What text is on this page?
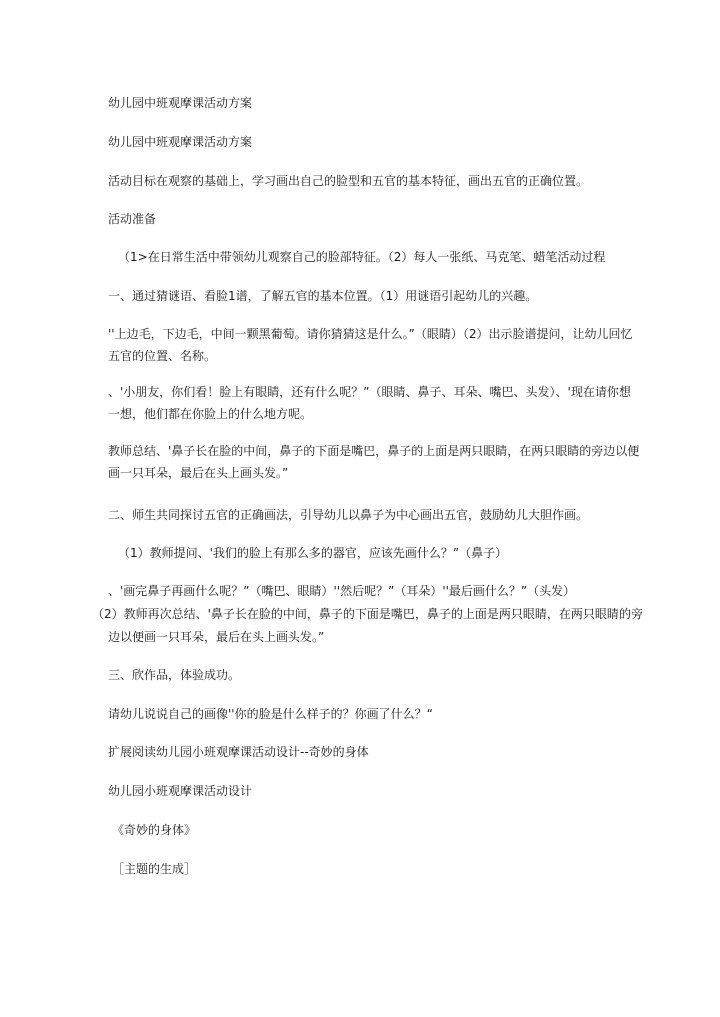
幼儿园中班观摩课活动方案
幼儿园中班观摩课活动方案
活动目标在观察的基础上，学习画出自己的脸型和五官的基本特征，画出五官的正确位置。
活动准备
（1>在日常生活中带领幼儿观察自己的脸部特征。（2）每人一张纸、马克笔、蜡笔活动过程
一、通过猜谜语、看脸1谱，了解五官的基本位置。（1）用谜语引起幼儿的兴趣。
''上边毛，下边毛，中间一颗黑葡萄。请你猜猜这是什么。”（眼睛）（2）出示脸谱提问，让幼儿回忆
五官的位置、名称。
、'小朋友，你们看！脸上有眼睛，还有什么呢？”（眼睛、鼻子、耳朵、嘴巴、头发）、'现在请你想
一想，他们都在你脸上的什么地方呢。
教师总结、'鼻子长在脸的中间，鼻子的下面是嘴巴，鼻子的上面是两只眼睛，在两只眼睛的旁边以便
画一只耳朵，最后在头上画头发。”
二、师生共同探讨五官的正确画法，引导幼儿以鼻子为中心画出五官，鼓励幼儿大胆作画。
（1）教师提问、'我们的脸上有那么多的器官，应该先画什么？”（鼻子）
、'画完鼻子再画什么呢？”（嘴巴、眼睛）''然后呢？”（耳朵）''最后画什么？”（头发）
（2）教师再次总结、'鼻子长在脸的中间，鼻子的下面是嘴巴，鼻子的上面是两只眼睛，在两只眼睛的旁
边以便画一只耳朵，最后在头上画头发。”
三、欣作品，体验成功。
请幼儿说说自己的画像''你的脸是什么样子的？你画了什么？“
扩展阅读幼儿园小班观摩课活动设计--奇妙的身体
幼儿园小班观摩课活动设计
《奇妙的身体》
［主题的生成］
